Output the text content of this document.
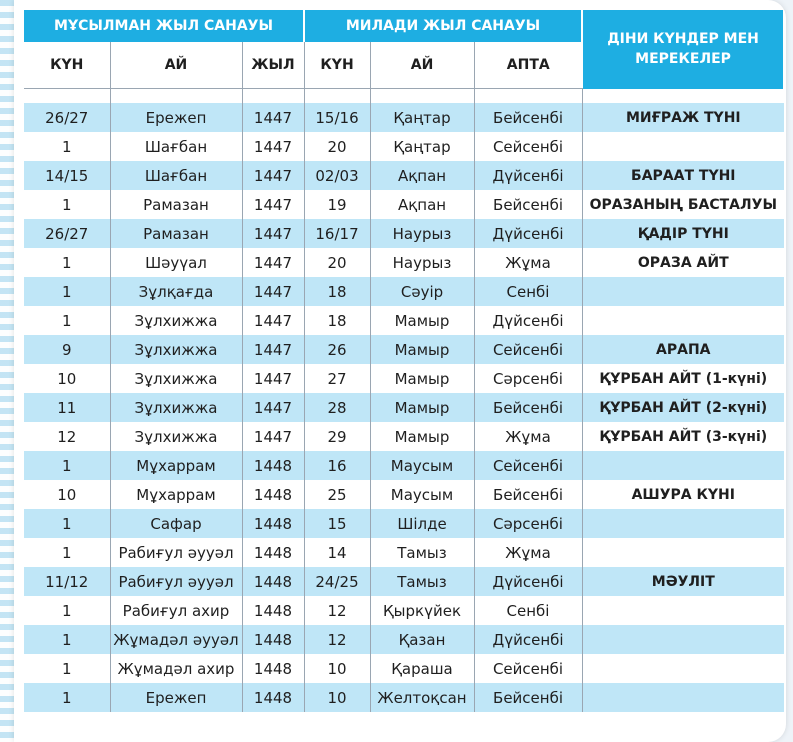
МҰСЫЛМАН ЖЫЛ САНАУЫ			МИЛАДИ ЖЫЛ САНАУЫ			ДІНИ КҮНДЕР МЕН МЕРЕКЕЛЕР
КҮН	АЙ	ЖЫЛ	КҮН	АЙ	АПТА	

26/27	Ережеп	1447	15/16	Қаңтар	Бейсенбі	МИҒРАЖ ТҮНІ
1	Шағбан	1447	20	Қаңтар	Сейсенбі	
14/15	Шағбан	1447	02/03	Ақпан	Дүйсенбі	БАРААТ ТҮНІ
1	Рамазан	1447	19	Ақпан	Бейсенбі	ОРАЗАНЫҢ БАСТАЛУЫ
26/27	Рамазан	1447	16/17	Наурыз	Дүйсенбі	ҚАДІР ТҮНІ
1	Шәуүал	1447	20	Наурыз	Жұма	ОРАЗА АЙТ
1	Зұлқағда	1447	18	Сәуір	Сенбі	
1	Зұлхижжа	1447	18	Мамыр	Дүйсенбі	
9	Зұлхижжа	1447	26	Мамыр	Сейсенбі	АРАПА
10	Зұлхижжа	1447	27	Мамыр	Сәрсенбі	ҚҰРБАН АЙТ (1-күні)
11	Зұлхижжа	1447	28	Мамыр	Бейсенбі	ҚҰРБАН АЙТ (2-күні)
12	Зұлхижжа	1447	29	Мамыр	Жұма	ҚҰРБАН АЙТ (3-күні)
1	Мұхаррам	1448	16	Маусым	Сейсенбі	
10	Мұхаррам	1448	25	Маусым	Бейсенбі	АШУРА КҮНІ
1	Сафар	1448	15	Шілде	Сәрсенбі	
1	Рабиғул әууәл	1448	14	Тамыз	Жұма	
11/12	Рабиғул әууәл	1448	24/25	Тамыз	Дүйсенбі	МӘУЛІТ
1	Рабиғул ахир	1448	12	Қыркүйек	Сенбі	
1	Жұмадәл әууәл	1448	12	Қазан	Дүйсенбі	
1	Жұмадәл ахир	1448	10	Қараша	Сейсенбі	
1	Ережеп	1448	10	Желтоқсан	Бейсенбі	
